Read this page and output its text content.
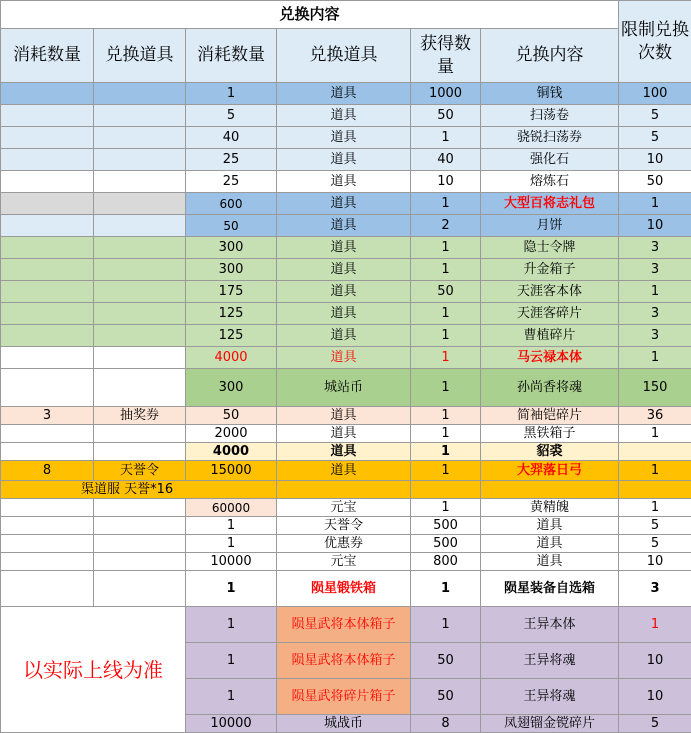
兑换内容						限制兑换次数
消耗数量	兑换道具	消耗数量	兑换道具	获得数量	兑换内容	
		1	道具	1000	铜钱	100
		5	道具	50	扫荡卷	5
		40	道具	1	骁锐扫荡券	5
		25	道具	40	强化石	10
		25	道具	10	熔炼石	50
		600	道具	1	大型百将志礼包	1
		50	道具	2	月饼	10
		300	道具	1	隐士令牌	3
		300	道具	1	升金箱子	3
		175	道具	50	天涯客本体	1
		125	道具	1	天涯客碎片	3
		125	道具	1	曹植碎片	3
		4000	道具	1	马云禄本体	1
		300	城站币	1	孙尚香将魂	150
3	抽奖券	50	道具	1	简袖铠碎片	36
		2000	道具	1	黑铁箱子	1
		4000	道具	1	貂裘	
8	天誉令	15000	道具	1	大羿落日弓	1
渠道服 天誉*16						
		60000	元宝	1	黄精魄	1
		1	天誉令	500	道具	5
		1	优惠券	500	道具	5
		10000	元宝	800	道具	10
		1	陨星锻铁箱	1	陨星装备自选箱	3
以实际上线为准		1	陨星武将本体箱子	1	王异本体	1
		1	陨星武将本体箱子	50	王异将魂	10
		1	陨星武将碎片箱子	50	王异将魂	10
		10000	城战币	8	凤翅镏金镋碎片	5
